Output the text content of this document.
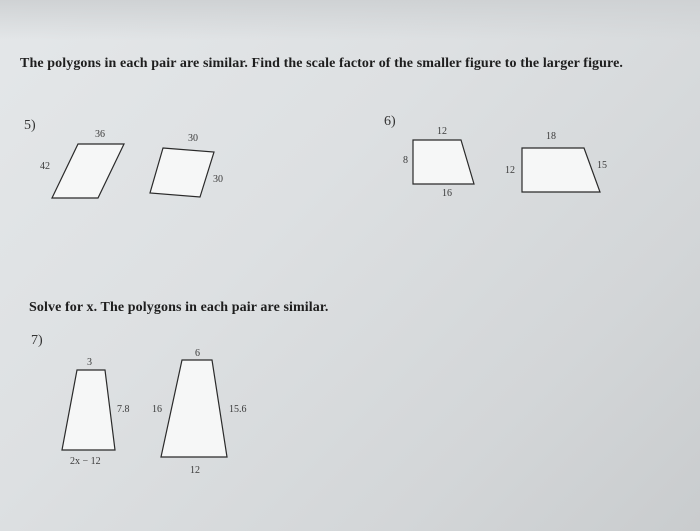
The polygons in each pair are similar. Find the scale factor of the smaller figure to the larger figure.
5)
36
42
30
30
6)
12
8
16
18
12	15
Solve for x. The polygons in each pair are similar.
7)
3
7.8
2x − 12
6
16	15.6
12
